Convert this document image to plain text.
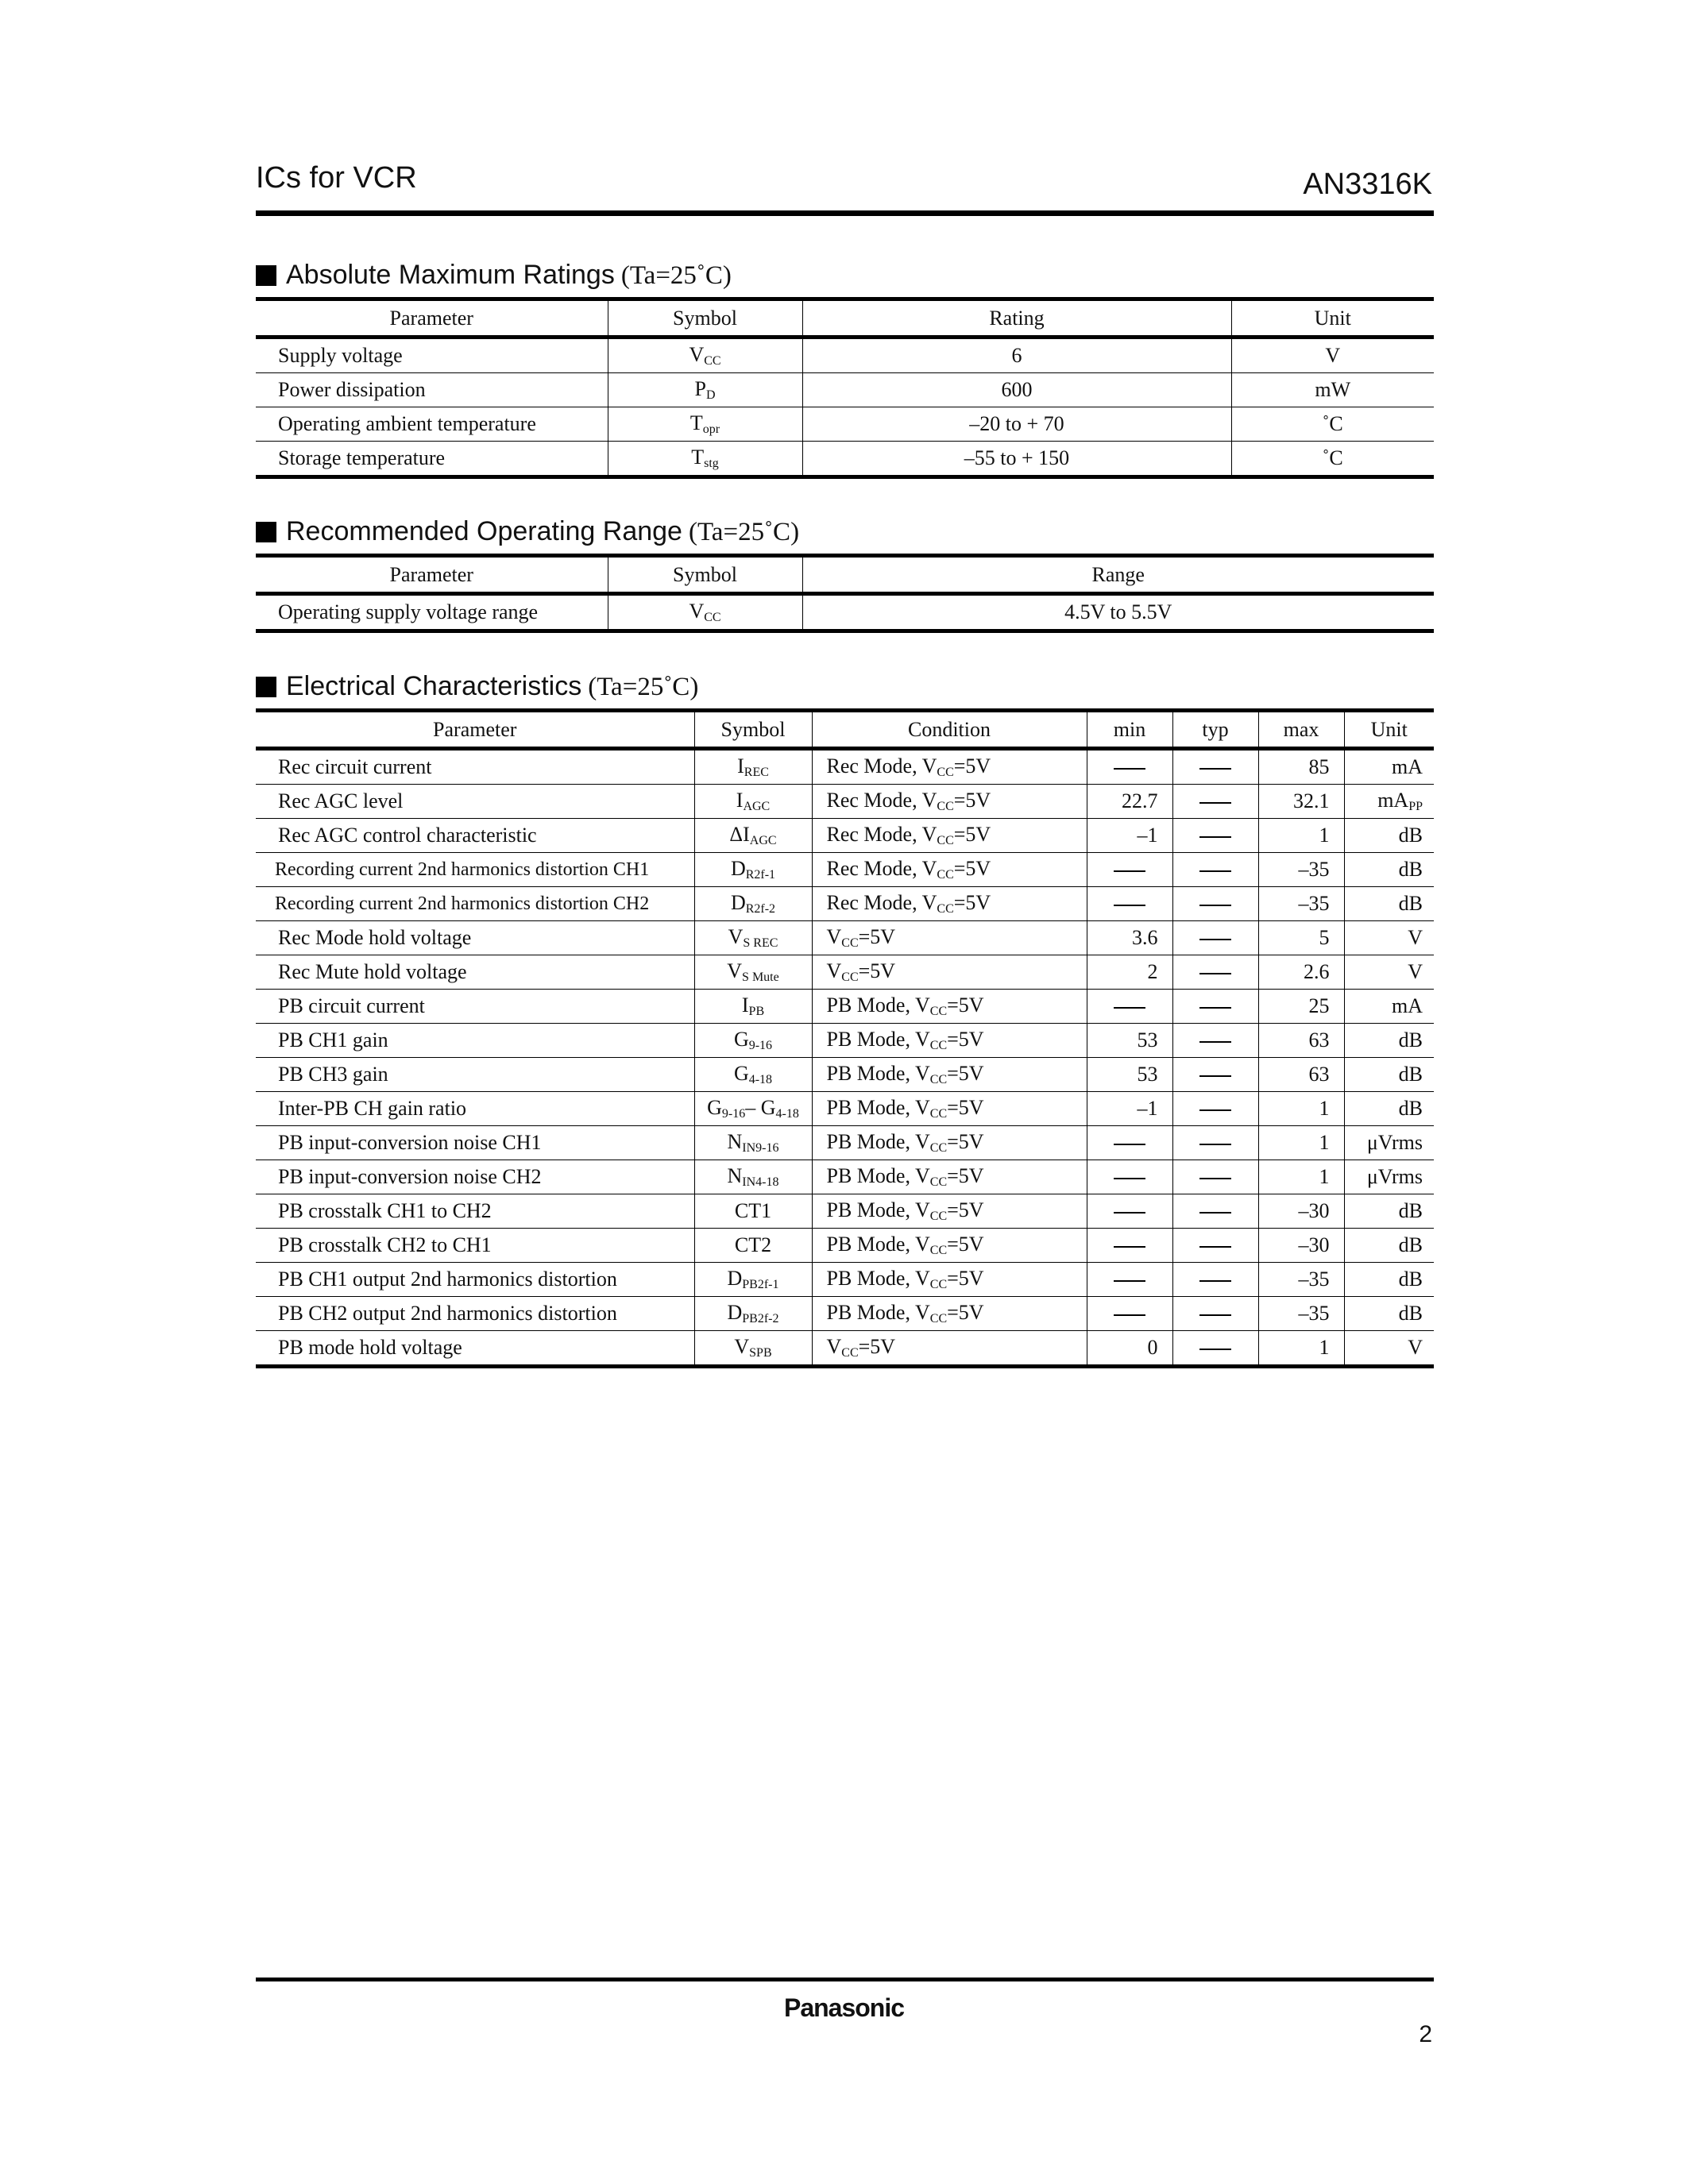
ICs for VCR	AN3316K
Absolute Maximum Ratings (Ta=25˚C)
Parameter	Symbol	Rating	Unit
Supply voltage	$V_{CC}$	6	V
Power dissipation	$P_D$	600	mW
Operating ambient temperature	$T_{opr}$	–20 to + 70	˚C
Storage temperature	$T_{stg}$	–55 to + 150	˚C
Recommended Operating Range (Ta=25˚C)
Parameter	Symbol	Range
Operating supply voltage range	$V_{CC}$	4.5V to 5.5V
Electrical Characteristics (Ta=25˚C)
Parameter	Symbol	Condition	min	typ	max	Unit
Rec circuit current	$I_{REC}$	Rec Mode, $V_{CC}=5V$			85	mA
Rec AGC level	$I_{AGC}$	Rec Mode, $V_{CC}=5V$	22.7		32.1	$mA_{PP}$
Rec AGC control characteristic	$\Delta I_{AGC}$	Rec Mode, $V_{CC}=5V$	–1		1	dB
Recording current 2nd harmonics distortion CH1	$D_{R2f-1}$	Rec Mode, $V_{CC}=5V$			–35	dB
Recording current 2nd harmonics distortion CH2	$D_{R2f-2}$	Rec Mode, $V_{CC}=5V$			–35	dB
Rec Mode hold voltage	$V_{S REC}$	$V_{CC}=5V$	3.6		5	V
Rec Mute hold voltage	$V_{S Mute}$	$V_{CC}=5V$	2		2.6	V
PB circuit current	$I_{PB}$	PB Mode, $V_{CC}=5V$			25	mA
PB CH1 gain	$G_{9-16}$	PB Mode, $V_{CC}=5V$	53		63	dB
PB CH3 gain	$G_{4-18}$	PB Mode, $V_{CC}=5V$	53		63	dB
Inter-PB CH gain ratio	$G_{9-16}-$ $G_{4-18}$	PB Mode, $V_{CC}=5V$	–1		1	dB
PB input-conversion noise CH1	$N_{IN9-16}$	PB Mode, $V_{CC}=5V$			1	μVrms
PB input-conversion noise CH2	$N_{IN4-18}$	PB Mode, $V_{CC}=5V$			1	μVrms
PB crosstalk CH1 to CH2	CT1	PB Mode, $V_{CC}=5V$			–30	dB
PB crosstalk CH2 to CH1	CT2	PB Mode, $V_{CC}=5V$			–30	dB
PB CH1 output 2nd harmonics distortion	$D_{PB2f-1}$	PB Mode, $V_{CC}=5V$			–35	dB
PB CH2 output 2nd harmonics distortion	$D_{PB2f-2}$	PB Mode, $V_{CC}=5V$			–35	dB
PB mode hold voltage	$V_{SPB}$	$V_{CC}=5V$	0		1	V
Panasonic
2
